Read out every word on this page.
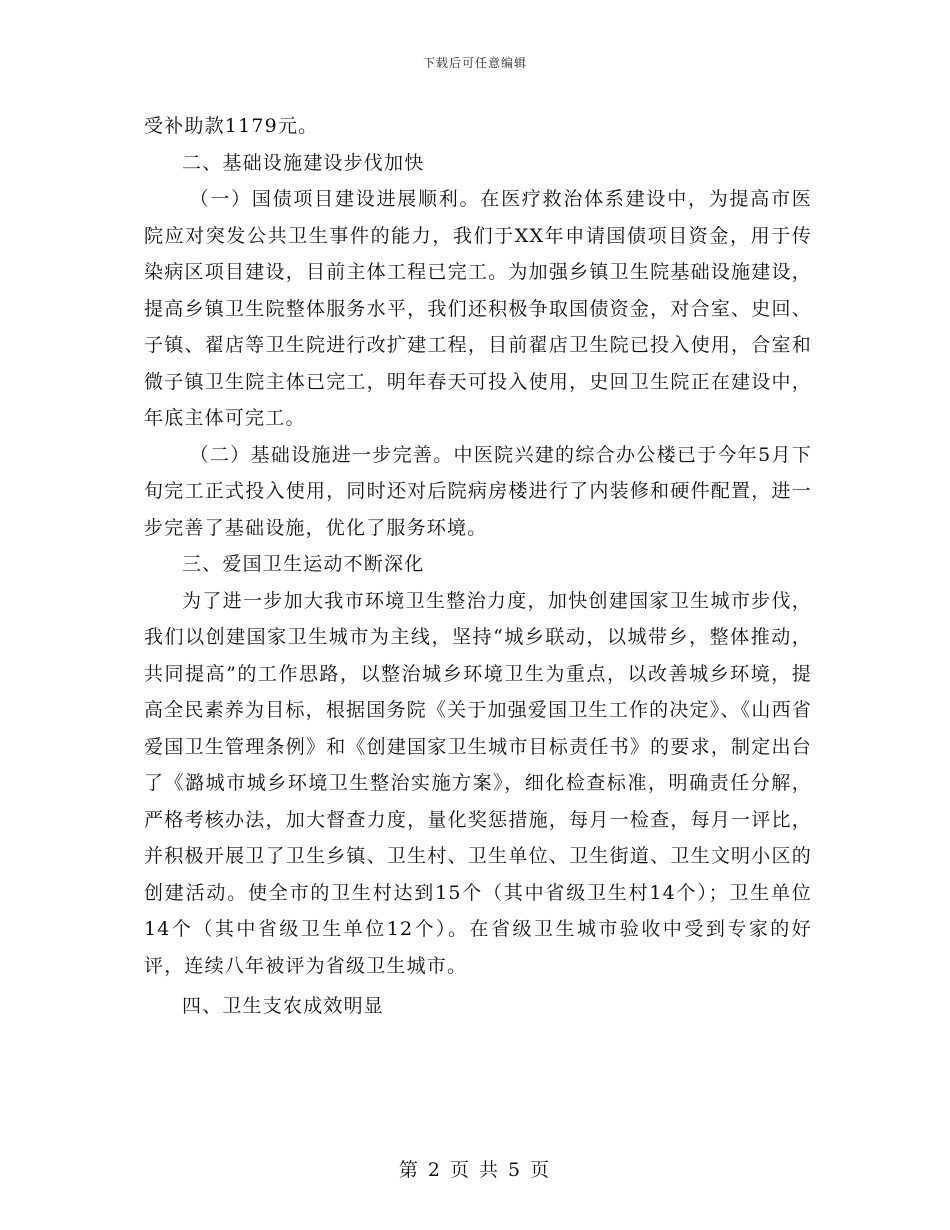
下载后可任意编辑

受补助款1179元。

二、基础设施建设步伐加快

（一）国债项目建设进展顺利。在医疗救治体系建设中，为提高市医院应对突发公共卫生事件的能力，我们于XX年申请国债项目资金，用于传染病区项目建设，目前主体工程已完工。为加强乡镇卫生院基础设施建设，提高乡镇卫生院整体服务水平，我们还积极争取国债资金，对合室、史回、子镇、翟店等卫生院进行改扩建工程，目前翟店卫生院已投入使用，合室和微子镇卫生院主体已完工，明年春天可投入使用，史回卫生院正在建设中，年底主体可完工。

（二）基础设施进一步完善。中医院兴建的综合办公楼已于今年5月下旬完工正式投入使用，同时还对后院病房楼进行了内装修和硬件配置，进一步完善了基础设施，优化了服务环境。

三、爱国卫生运动不断深化

为了进一步加大我市环境卫生整治力度，加快创建国家卫生城市步伐，我们以创建国家卫生城市为主线，坚持“城乡联动，以城带乡，整体推动，共同提高”的工作思路，以整治城乡环境卫生为重点，以改善城乡环境，提高全民素养为目标，根据国务院《关于加强爱国卫生工作的决定》、《山西省爱国卫生管理条例》和《创建国家卫生城市目标责任书》的要求，制定出台了《潞城市城乡环境卫生整治实施方案》，细化检查标准，明确责任分解，严格考核办法，加大督查力度，量化奖惩措施，每月一检查，每月一评比，并积极开展卫了卫生乡镇、卫生村、卫生单位、卫生街道、卫生文明小区的创建活动。使全市的卫生村达到15个（其中省级卫生村14个）；卫生单位14个（其中省级卫生单位12个）。在省级卫生城市验收中受到专家的好评，连续八年被评为省级卫生城市。

四、卫生支农成效明显

第 2 页 共 5 页
